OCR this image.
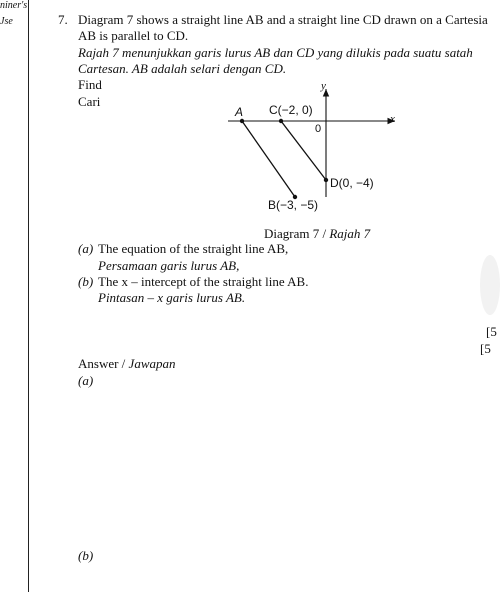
niner's
Jse	7. Diagram 7 shows a straight line AB and a straight line CD drawn on a Cartesia
AB is parallel to CD.
Rajah 7 menunjukkan garis lurus AB dan CD yang dilukis pada suatu satah
Cartesan. AB adalah selari dengan CD.
Find
Cari
y
x
0
A C(−2, 0)
D(0, −4)
B(−3, −5)
Diagram 7 / Rajah 7
(a) The equation of the straight line AB,
Persamaan garis lurus AB,
(b) The x – intercept of the straight line AB.
Pintasan – x garis lurus AB.
[5
[5
Answer / Jawapan
(a)
(b)
